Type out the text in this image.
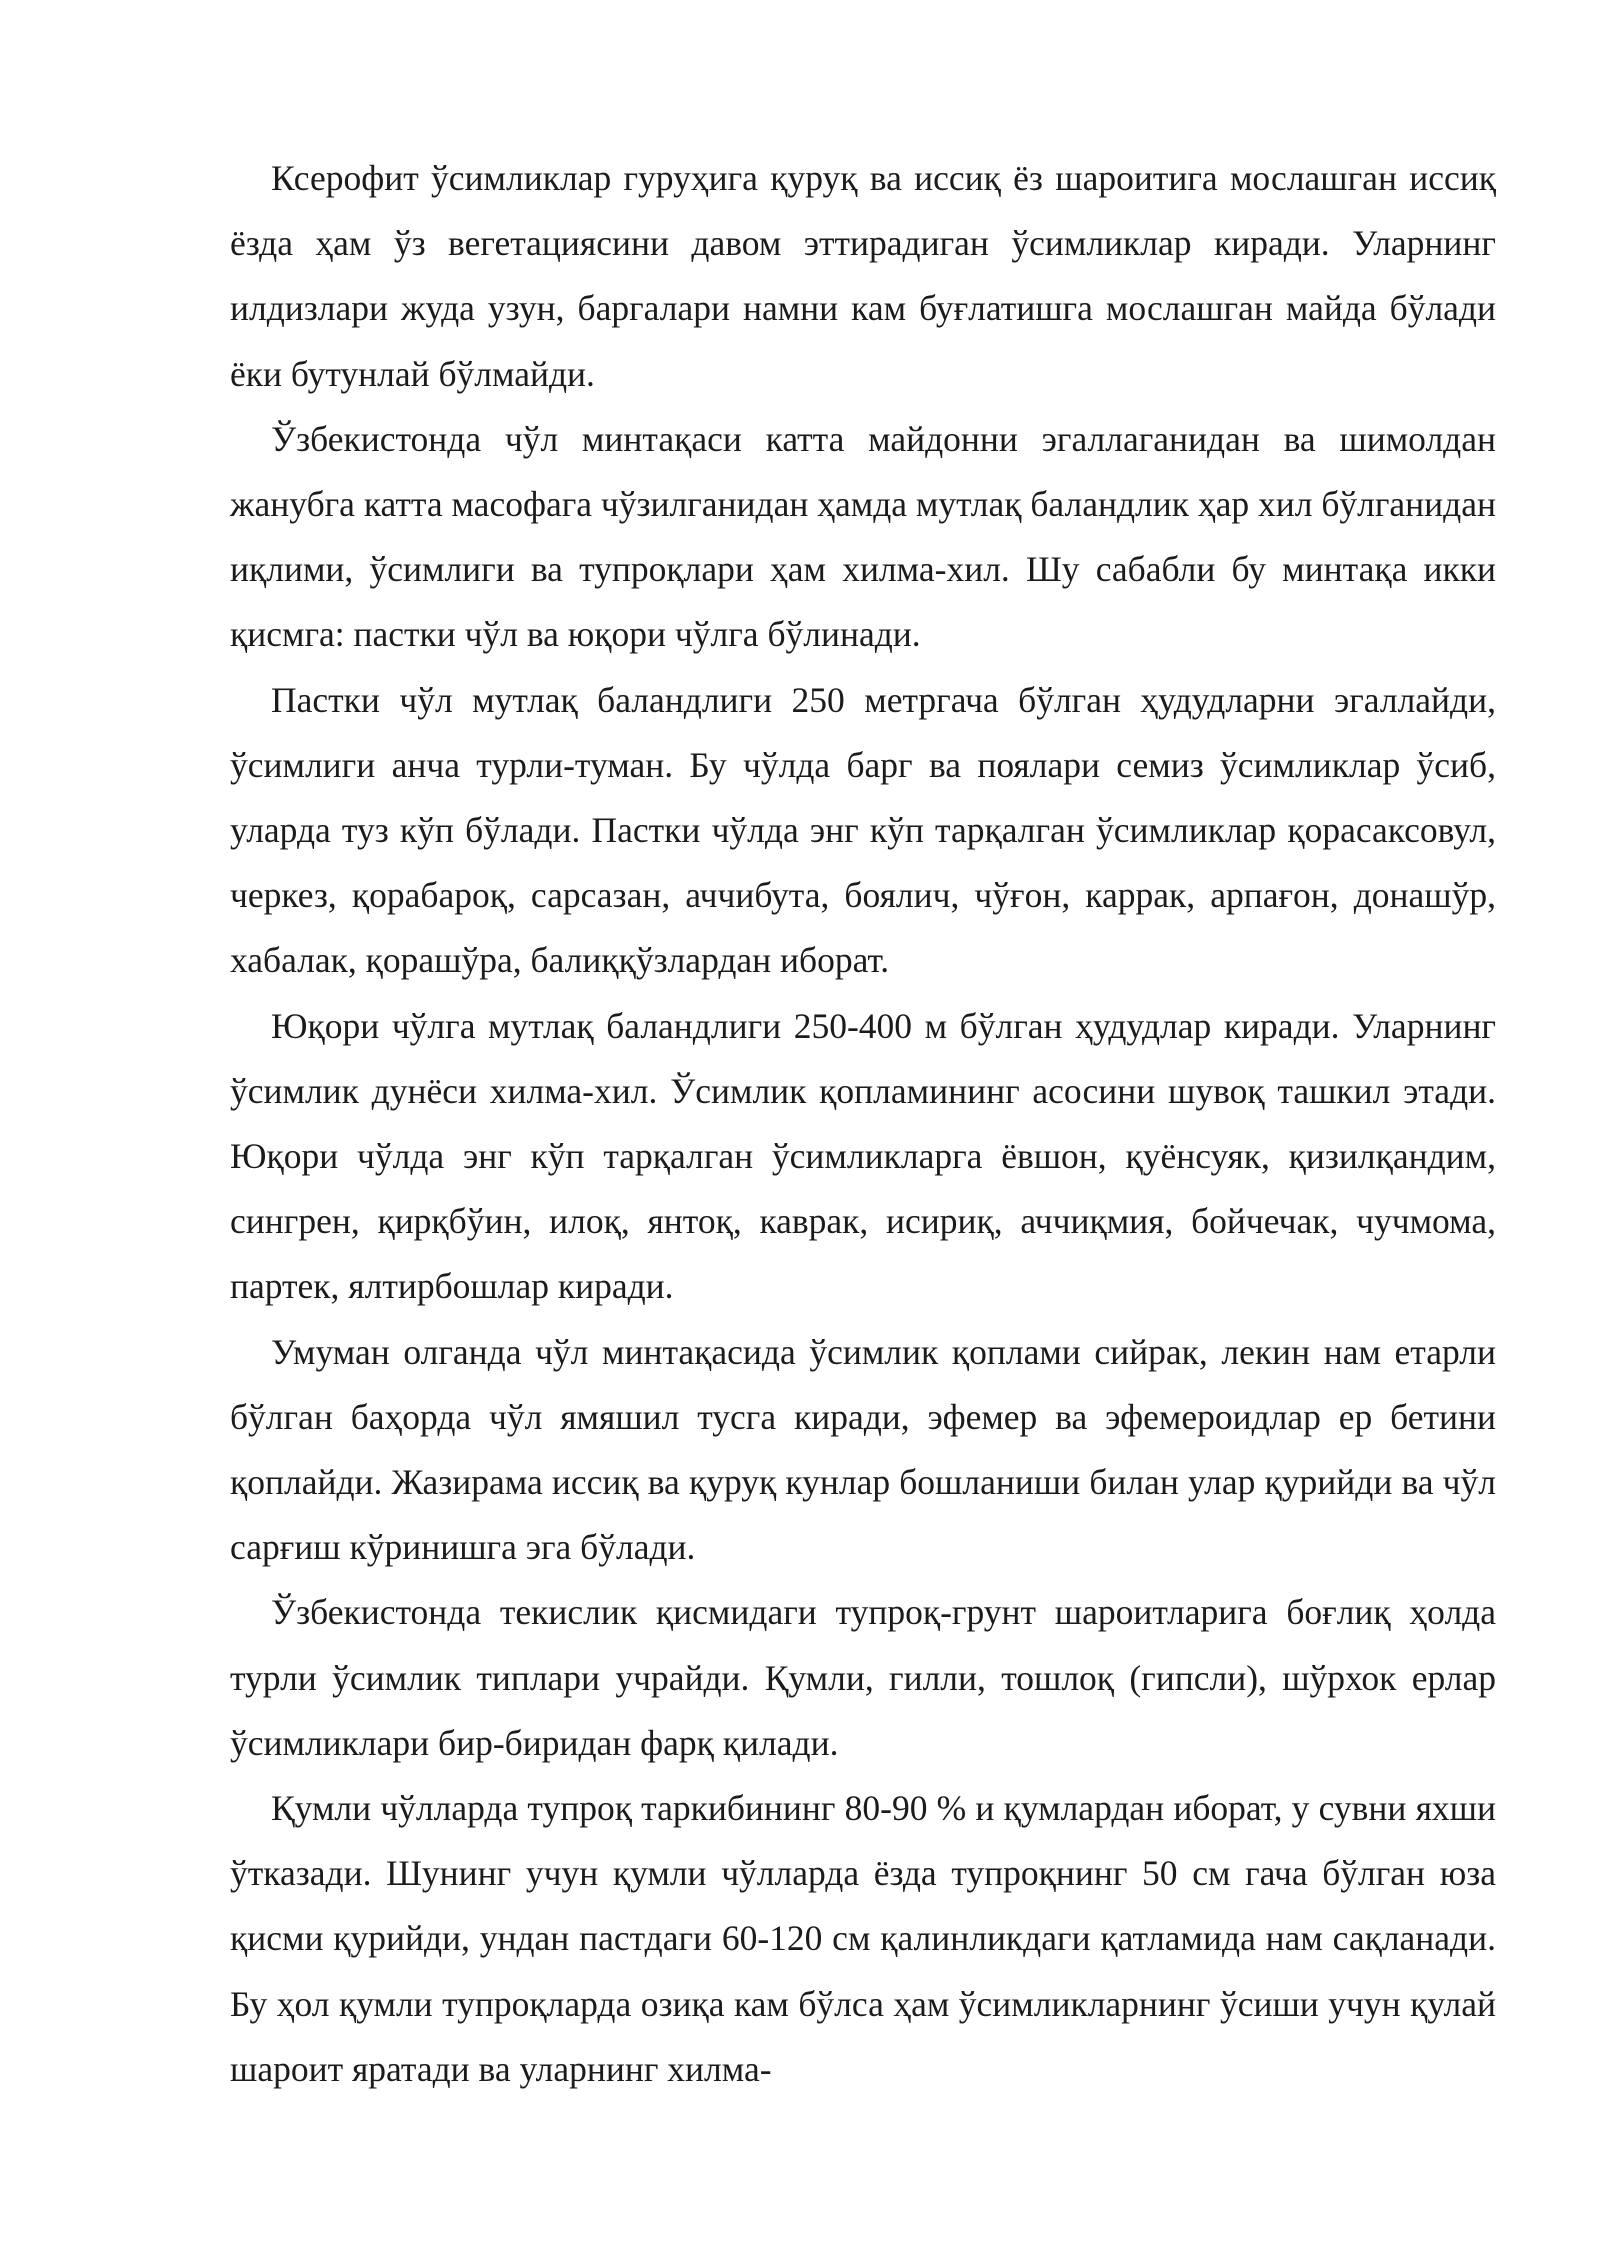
Ксерофит ўсимликлар гуруҳига қуруқ ва иссиқ ёз шароитига мослашган иссиқ ёзда ҳам ўз вегетациясини давом эттирадиган ўсимликлар киради. Уларнинг илдизлари жуда узун, баргалари намни кам буғлатишга мослашган майда бўлади ёки бутунлай бўлмайди.

Ўзбекистонда чўл минтақаси катта майдонни эгаллаганидан ва шимолдан жанубга катта масофага чўзилганидан ҳамда мутлақ баландлик ҳар хил бўлганидан иқлими, ўсимлиги ва тупроқлари ҳам хилма-хил. Шу сабабли бу минтақа икки қисмга: пастки чўл ва юқори чўлга бўлинади.

Пастки чўл мутлақ баландлиги 250 метргача бўлган ҳудудларни эгаллайди, ўсимлиги анча турли-туман. Бу чўлда барг ва поялари семиз ўсимликлар ўсиб, уларда туз кўп бўлади. Пастки чўлда энг кўп тарқалган ўсимликлар қорасаксовул, черкез, қорабароқ, сарсазан, аччибута, боялич, чўғон, каррак, арпағон, донашўр, хабалак, қорашўра, балиққўзлардан иборат.

Юқори чўлга мутлақ баландлиги 250-400 м бўлган ҳудудлар киради. Уларнинг ўсимлик дунёси хилма-хил. Ўсимлик қопламининг асосини шувоқ ташкил этади. Юқори чўлда энг кўп тарқалган ўсимликларга ёвшон, қуёнсуяк, қизилқандим, сингрен, қирқбўин, илоқ, янтоқ, каврак, исириқ, аччиқмия, бойчечак, чучмома, партек, ялтирбошлар киради.

Умуман олганда чўл минтақасида ўсимлик қоплами сийрак, лекин нам етарли бўлган баҳорда чўл ямяшил тусга киради, эфемер ва эфемероидлар ер бетини қоплайди. Жазирама иссиқ ва қуруқ кунлар бошланиши билан улар қурийди ва чўл сарғиш кўринишга эга бўлади.

Ўзбекистонда текислик қисмидаги тупроқ-грунт шароитларига боғлиқ ҳолда турли ўсимлик типлари учрайди. Қумли, гилли, тошлоқ (гипсли), шўрхок ерлар ўсимликлари бир-биридан фарқ қилади.

Қумли чўлларда тупроқ таркибининг 80-90 % и қумлардан иборат, у сувни яхши ўтказади. Шунинг учун қумли чўлларда ёзда тупроқнинг 50 см гача бўлган юза қисми қурийди, ундан пастдаги 60-120 см қалинликдаги қатламида нам сақланади. Бу ҳол қумли тупроқларда озиқа кам бўлса ҳам ўсимликларнинг ўсиши учун қулай шароит яратади ва уларнинг хилма-
